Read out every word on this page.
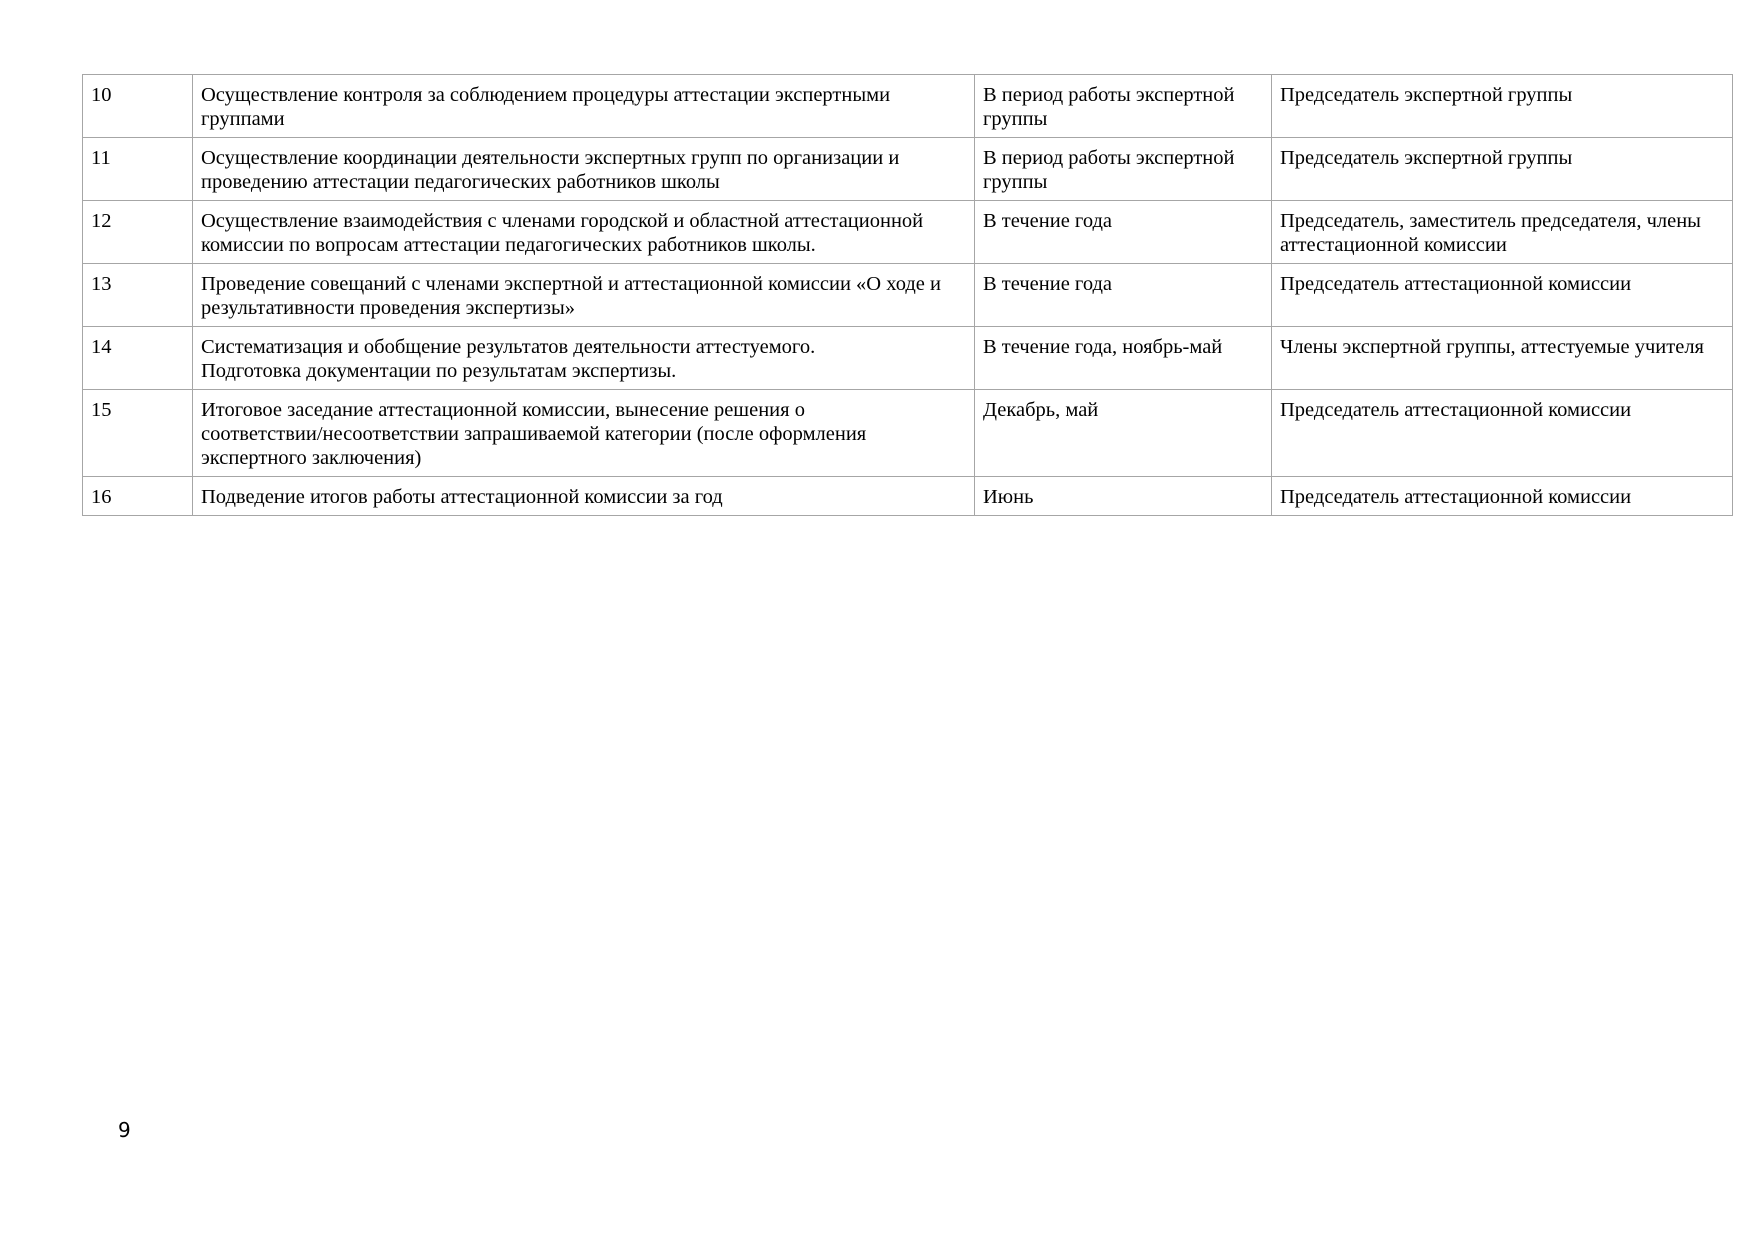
10	Осуществление контроля за соблюдением процедуры аттестации экспертными
группами	В период работы экспертной
группы	Председатель экспертной группы
11	Осуществление координации деятельности экспертных групп по организации и
проведению аттестации педагогических работников школы	В период работы экспертной
группы	Председатель экспертной группы
12	Осуществление взаимодействия с членами городской и областной аттестационной
комиссии по вопросам аттестации педагогических работников школы.	В течение года	Председатель, заместитель председателя, члены
аттестационной комиссии
13	Проведение совещаний с членами экспертной и аттестационной комиссии «О ходе и
результативности проведения экспертизы»	В течение года	Председатель аттестационной комиссии
14	Систематизация и обобщение результатов деятельности аттестуемого.
Подготовка документации по результатам экспертизы.	В течение года, ноябрь-май	Члены экспертной группы, аттестуемые учителя
15	Итоговое заседание аттестационной комиссии, вынесение решения о
соответствии/несоответствии запрашиваемой категории (после оформления
экспертного заключения)	Декабрь, май	Председатель аттестационной комиссии
16	Подведение итогов работы аттестационной комиссии за год	Июнь	Председатель аттестационной комиссии
9
